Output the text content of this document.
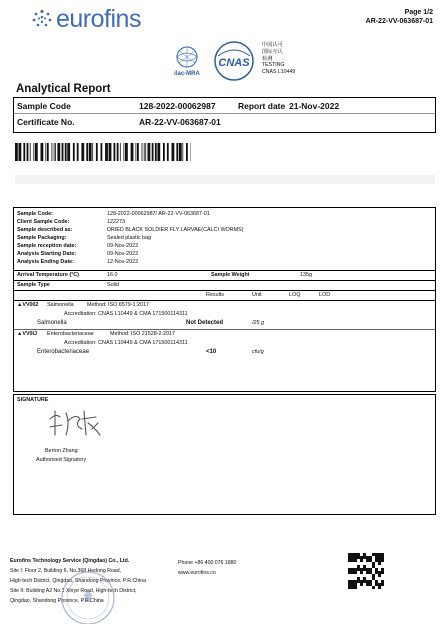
eurofins	Page 1/2
AR-22-VV-063687-01
ilac-MRA
CNAS
中国认可
国际互认
检测
TESTING
CNAS L10449
Analytical Report
Sample Code	128-2022-00062987	Report date 21-Nov-2022
Certificate No.	AR-22-VV-063687-01
Sample Code:	128-2022-00062987/ AR-22-VV-063687-01
Client Sample Code:	122273
Sample described as:	DRIED BLACK SOLDIER FLY LARVAE(CALCI WORMS)
Sample Packaging:	Sealed plastic bag
Sample reception date:	09-Nov-2022
Analysis Starting Date:	09-Nov-2022
Analysis Ending Date:	12-Nov-2022
Arrival Temperature (°C)	16.0	Sample Weight	135g
Sample Type	Solid
Results	Unit	LOQ	LOD
▲VV002 Salmonella Method: ISO 6579-1:2017
Accreditation: CNAS L10449 & CMA 171500114311
Salmonella	Not Detected	/25 g
▲VV0IJ Enterobacteriaceae	Method: ISO 21528-2:2017
Accreditation: CNAS L10449 & CMA 171500114311
Enterobacteriaceae	<10	cfu/g
SIGNATURE
Berton Zhang
Authorised Signatory
Eurofins Technology Service (Qingdao) Co., Ltd.
Site I: Floor 2, Building 6, No.368 Hedong Road,
High-tech District, Qingdao, Shandong Province, P.R.China
Site II: Building A2 No.1 Xinye Road, High-tech District,
Qingdao, Shandong Province, P.R.China
Phone +86 400 076 1880
www.eurofins.cn
